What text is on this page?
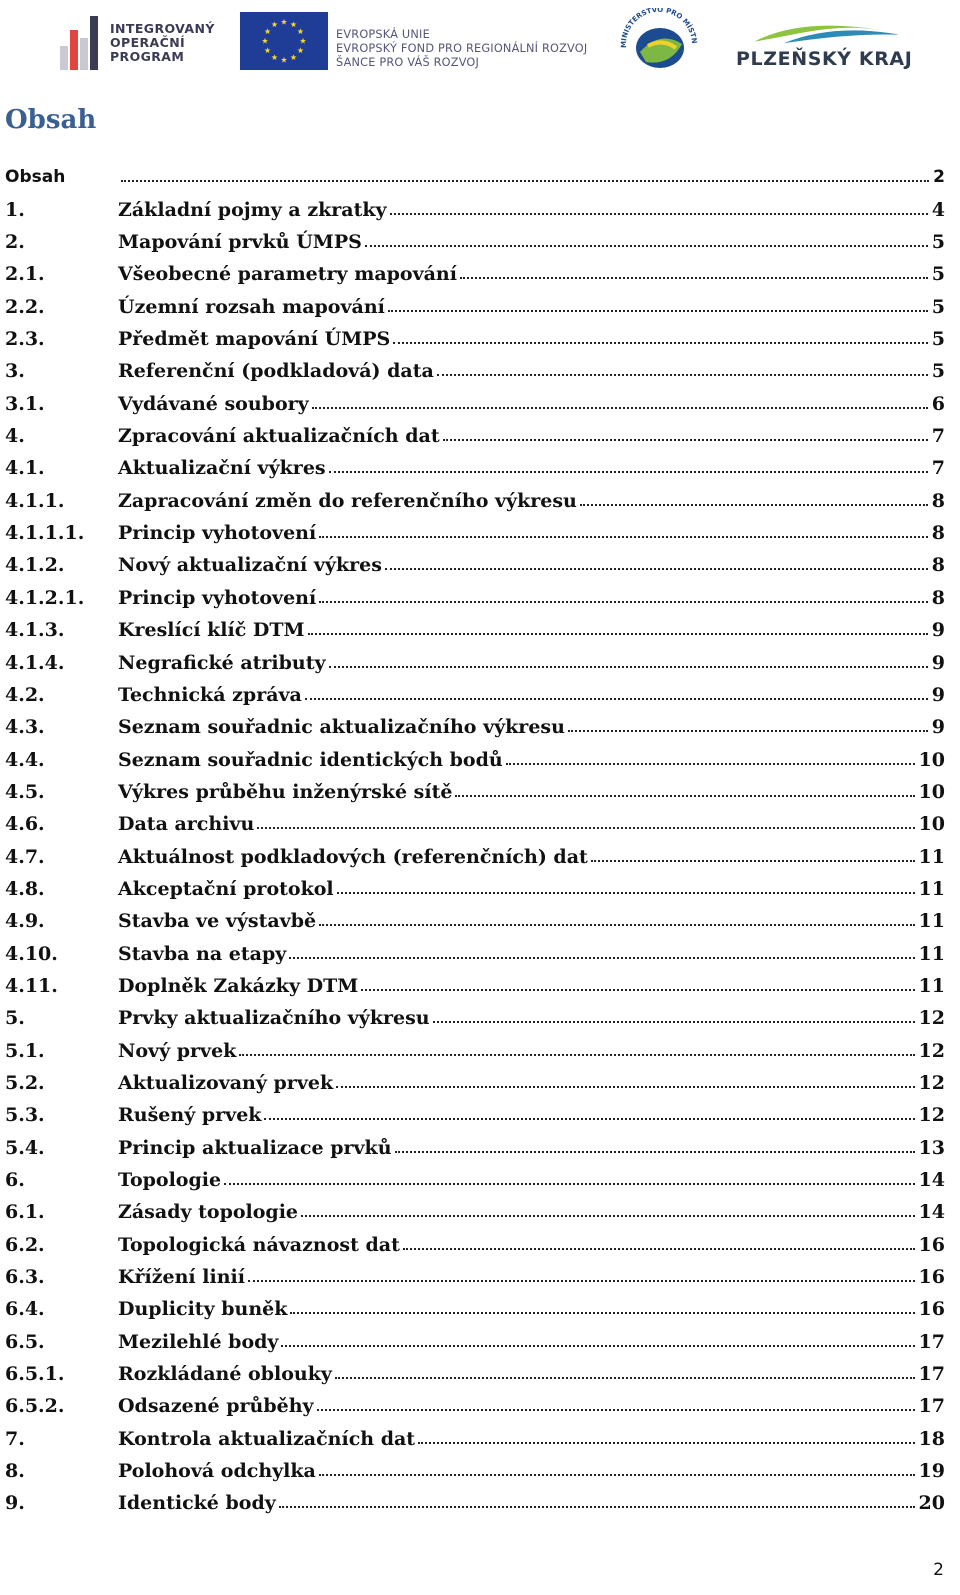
INTEGROVANÝ
OPERAČNÍ
PROGRAM
EVROPSKÁ UNIE
EVROPSKÝ FOND PRO REGIONÁLNÍ ROZVOJ
ŠANCE PRO VÁŠ ROZVOJ
MINISTERSTVO PRO MÍSTN
PLZEŇSKÝ KRAJ
Obsah
Obsah	2
1.	Základní pojmy a zkratky	4
2.	Mapování prvků ÚMPS	5
2.1.	Všeobecné parametry mapování	5
2.2.	Územní rozsah mapování	5
2.3.	Předmět mapování ÚMPS	5
3.	Referenční (podkladová) data	5
3.1.	Vydávané soubory	6
4.	Zpracování aktualizačních dat	7
4.1.	Aktualizační výkres	7
4.1.1.	Zapracování změn do referenčního výkresu	8
4.1.1.1.	Princip vyhotovení	8
4.1.2.	Nový aktualizační výkres	8
4.1.2.1.	Princip vyhotovení	8
4.1.3.	Kreslící klíč DTM	9
4.1.4.	Negrafické atributy	9
4.2.	Technická zpráva	9
4.3.	Seznam souřadnic aktualizačního výkresu	9
4.4.	Seznam souřadnic identických bodů	10
4.5.	Výkres průběhu inženýrské sítě	10
4.6.	Data archivu	10
4.7.	Aktuálnost podkladových (referenčních) dat	11
4.8.	Akceptační protokol	11
4.9.	Stavba ve výstavbě	11
4.10.	Stavba na etapy	11
4.11.	Doplněk Zakázky DTM	11
5.	Prvky aktualizačního výkresu	12
5.1.	Nový prvek	12
5.2.	Aktualizovaný prvek	12
5.3.	Rušený prvek	12
5.4.	Princip aktualizace prvků	13
6.	Topologie	14
6.1.	Zásady topologie	14
6.2.	Topologická návaznost dat	16
6.3.	Křížení linií	16
6.4.	Duplicity buněk	16
6.5.	Mezilehlé body	17
6.5.1.	Rozkládané oblouky	17
6.5.2.	Odsazené průběhy	17
7.	Kontrola aktualizačních dat	18
8.	Polohová odchylka	19
9.	Identické body	20
2
